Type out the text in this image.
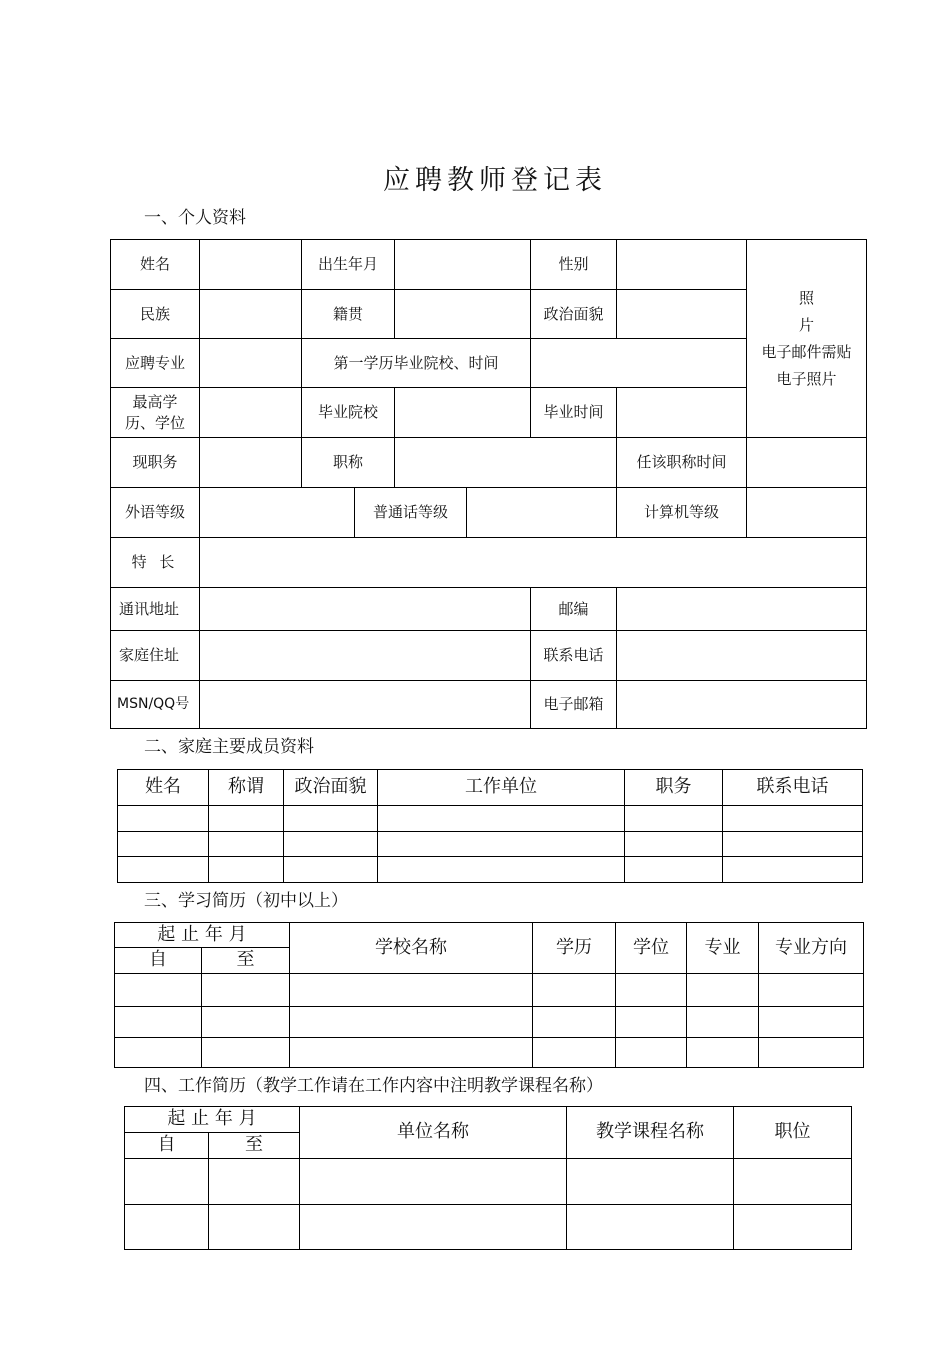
应聘教师登记表
一、个人资料
姓名		出生年月				性别		照
片
电子邮件需贴
电子照片

民族		籍贯				政治面貌		
应聘专业		第一学历毕业院校、时间						
最高学历、学位		毕业院校				毕业时间		
现职务		职称					任该职称时间	
外语等级			普通话等级				计算机等级	
特 长								
通讯地址						邮编		
家庭住址						联系电话		
MSN/QQ号						电子邮箱		
二、家庭主要成员资料
姓名	称谓	政治面貌	工作单位	职务	联系电话

三、学习简历（初中以上）
起 止 年 月		学校名称	学历	学位	专业	专业方向
自	至					

四、工作简历（教学工作请在工作内容中注明教学课程名称）
起 止 年 月		单位名称	教学课程名称	职位
自	至			
